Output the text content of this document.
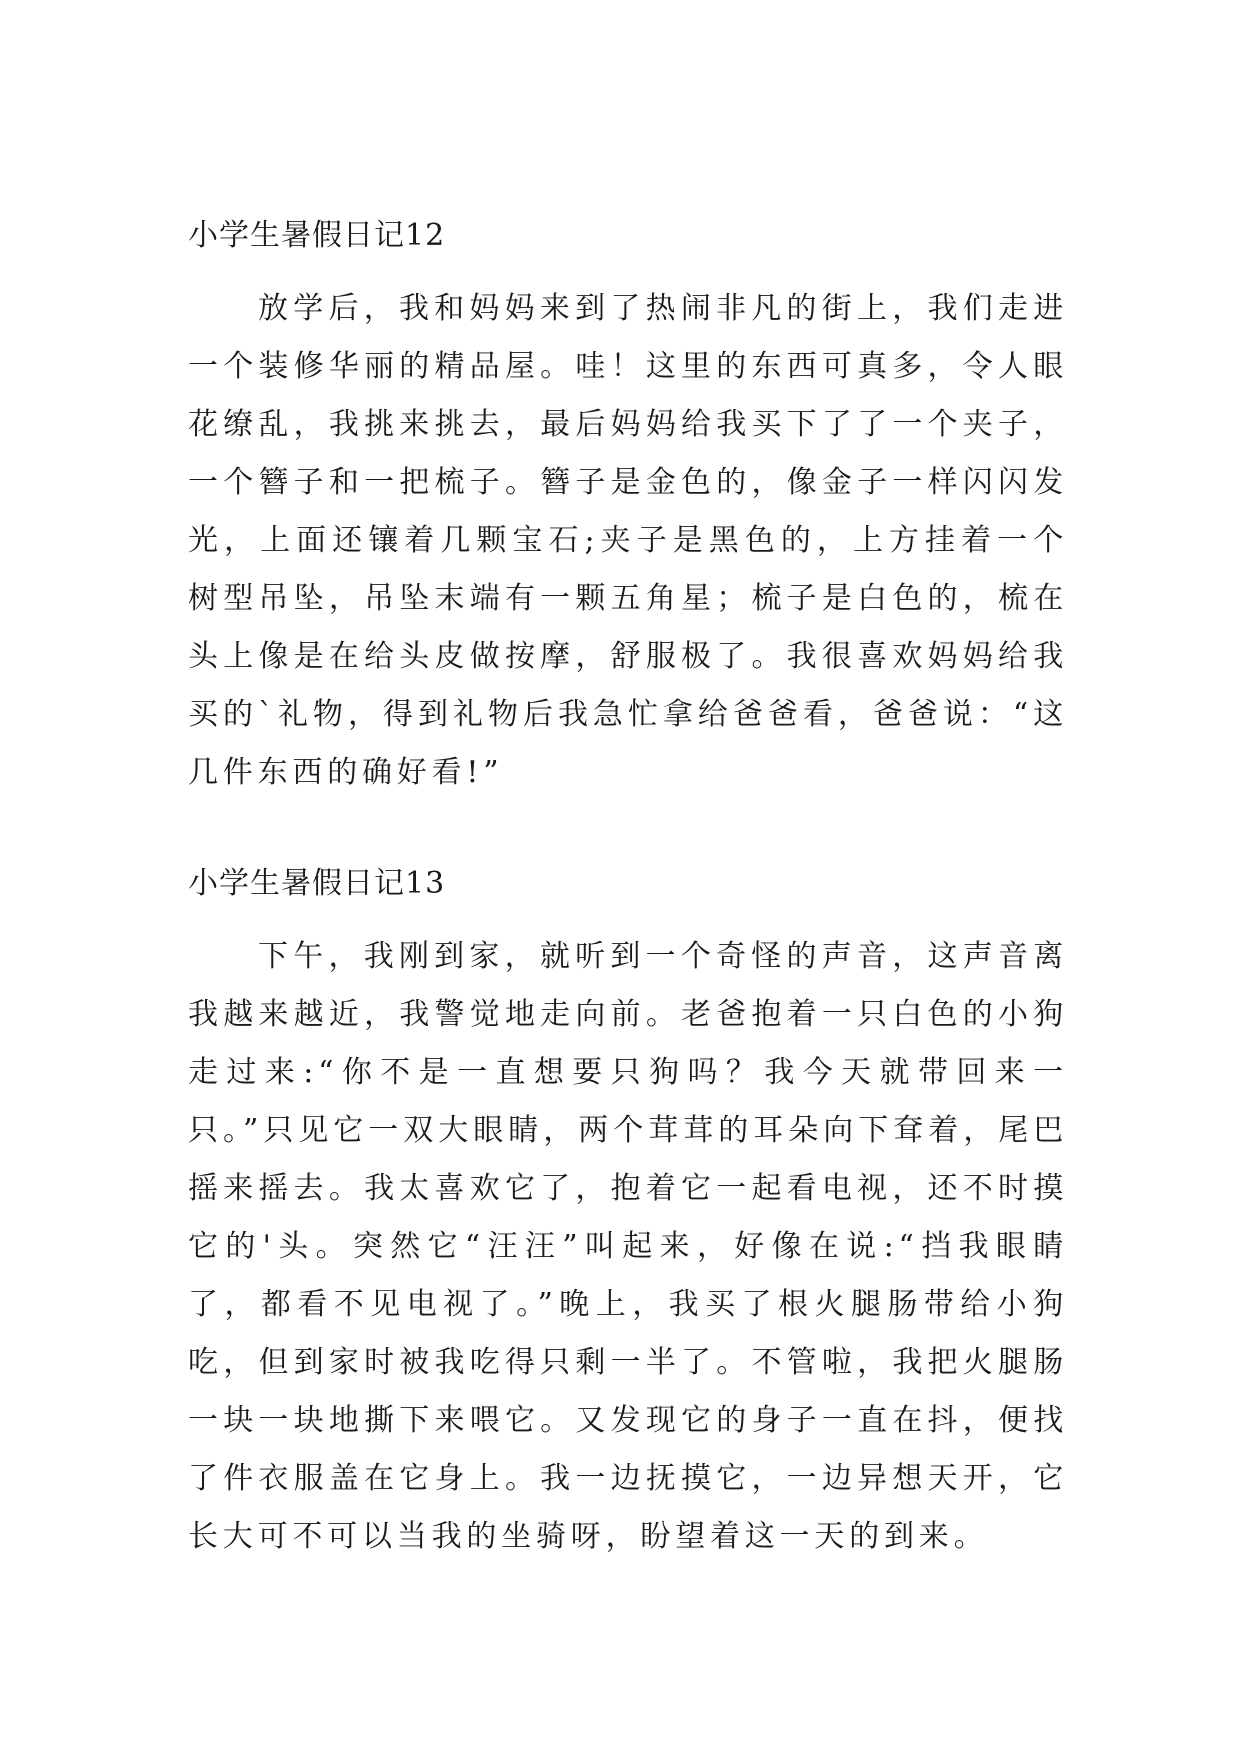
小学生暑假日记12

放学后，我和妈妈来到了热闹非凡的街上，我们走进一个装修华丽的精品屋。哇！这里的东西可真多，令人眼花缭乱，我挑来挑去，最后妈妈给我买下了了一个夹子，一个簪子和一把梳子。簪子是金色的，像金子一样闪闪发光，上面还镶着几颗宝石;夹子是黑色的，上方挂着一个树型吊坠，吊坠末端有一颗五角星；梳子是白色的，梳在头上像是在给头皮做按摩，舒服极了。我很喜欢妈妈给我买的`礼物，得到礼物后我急忙拿给爸爸看，爸爸说：“这几件东西的确好看!”

小学生暑假日记13

下午，我刚到家，就听到一个奇怪的声音，这声音离我越来越近，我警觉地走向前。老爸抱着一只白色的小狗走过来:“你不是一直想要只狗吗？我今天就带回来一只。”只见它一双大眼睛，两个茸茸的耳朵向下耷着，尾巴摇来摇去。我太喜欢它了，抱着它一起看电视，还不时摸它的'头。突然它“汪汪”叫起来，好像在说:“挡我眼睛了，都看不见电视了。”晚上，我买了根火腿肠带给小狗吃，但到家时被我吃得只剩一半了。不管啦，我把火腿肠一块一块地撕下来喂它。又发现它的身子一直在抖，便找了件衣服盖在它身上。我一边抚摸它，一边异想天开，它长大可不可以当我的坐骑呀，盼望着这一天的到来。
